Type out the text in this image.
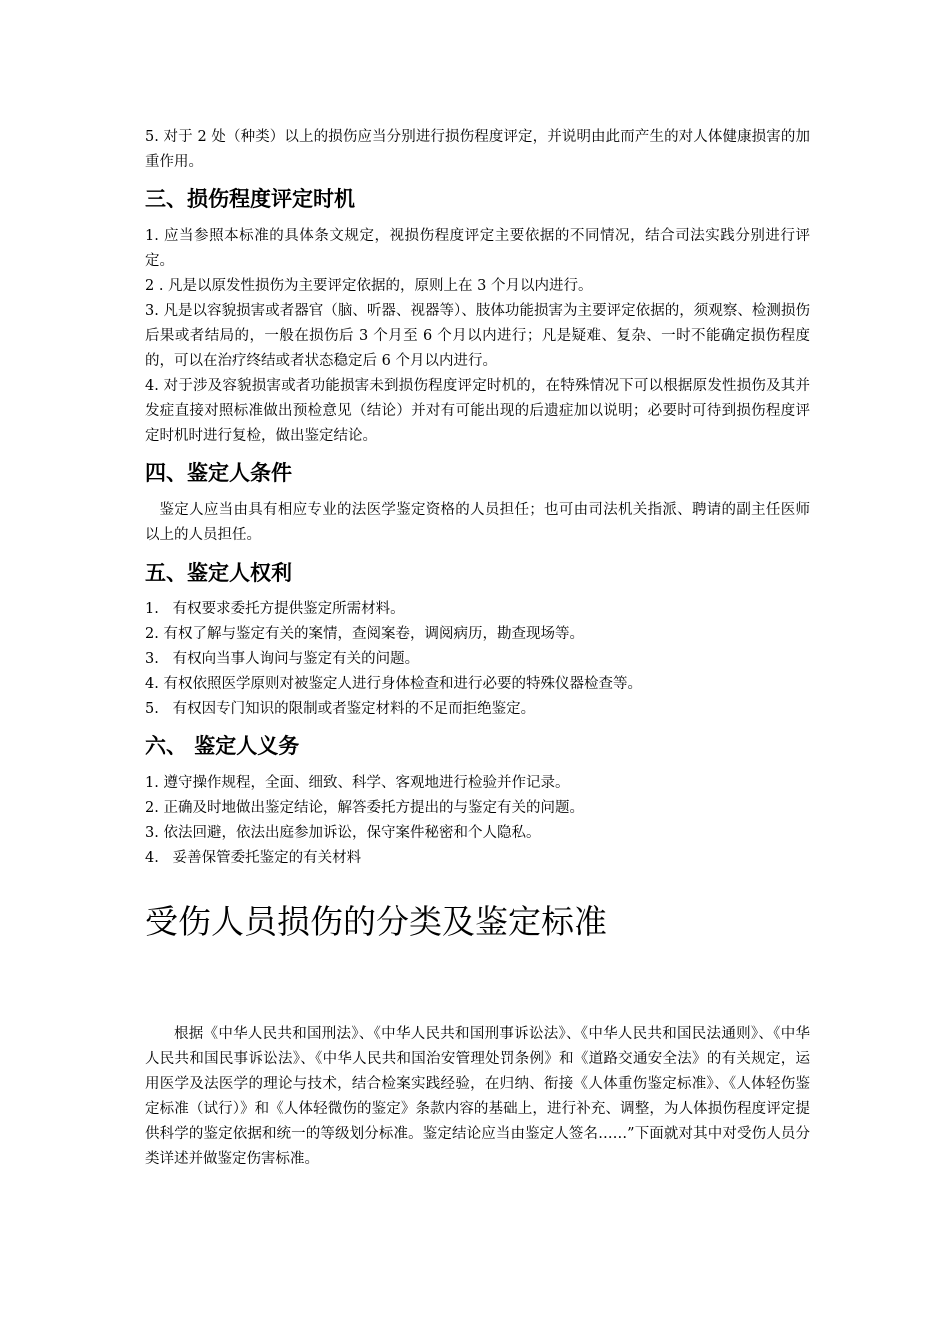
5. 对于 2 处（种类）以上的损伤应当分别进行损伤程度评定，并说明由此而产生的对人体健康损害的加重作用。

三、损伤程度评定时机

1. 应当参照本标准的具体条文规定，视损伤程度评定主要依据的不同情况，结合司法实践分别进行评定。

2 . 凡是以原发性损伤为主要评定依据的，原则上在 3 个月以内进行。

3. 凡是以容貌损害或者器官（脑、听器、视器等）、肢体功能损害为主要评定依据的，须观察、检测损伤后果或者结局的，一般在损伤后 3 个月至 6 个月以内进行；凡是疑难、复杂、一时不能确定损伤程度的，可以在治疗终结或者状态稳定后 6 个月以内进行。

4. 对于涉及容貌损害或者功能损害未到损伤程度评定时机的，在特殊情况下可以根据原发性损伤及其并发症直接对照标准做出预检意见（结论）并对有可能出现的后遗症加以说明；必要时可待到损伤程度评定时机时进行复检，做出鉴定结论。

四、鉴定人条件

鉴定人应当由具有相应专业的法医学鉴定资格的人员担任；也可由司法机关指派、聘请的副主任医师以上的人员担任。

五、鉴定人权利

1.   有权要求委托方提供鉴定所需材料。

2. 有权了解与鉴定有关的案情，查阅案卷，调阅病历，勘查现场等。

3.   有权向当事人询问与鉴定有关的问题。

4. 有权依照医学原则对被鉴定人进行身体检查和进行必要的特殊仪器检查等。

5.   有权因专门知识的限制或者鉴定材料的不足而拒绝鉴定。

六、 鉴定人义务

1. 遵守操作规程，全面、细致、科学、客观地进行检验并作记录。

2. 正确及时地做出鉴定结论，解答委托方提出的与鉴定有关的问题。

3. 依法回避，依法出庭参加诉讼，保守案件秘密和个人隐私。

4.   妥善保管委托鉴定的有关材料

受伤人员损伤的分类及鉴定标准

根据《中华人民共和国刑法》、《中华人民共和国刑事诉讼法》、《中华人民共和国民法通则》、《中华人民共和国民事诉讼法》、《中华人民共和国治安管理处罚条例》和《道路交通安全法》的有关规定，运用医学及法医学的理论与技术，结合检案实践经验，在归纳、衔接《人体重伤鉴定标准》、《人体轻伤鉴定标准（试行）》和《人体轻微伤的鉴定》条款内容的基础上，进行补充、调整，为人体损伤程度评定提供科学的鉴定依据和统一的等级划分标准。鉴定结论应当由鉴定人签名……”下面就对其中对受伤人员分类详述并做鉴定伤害标准。
